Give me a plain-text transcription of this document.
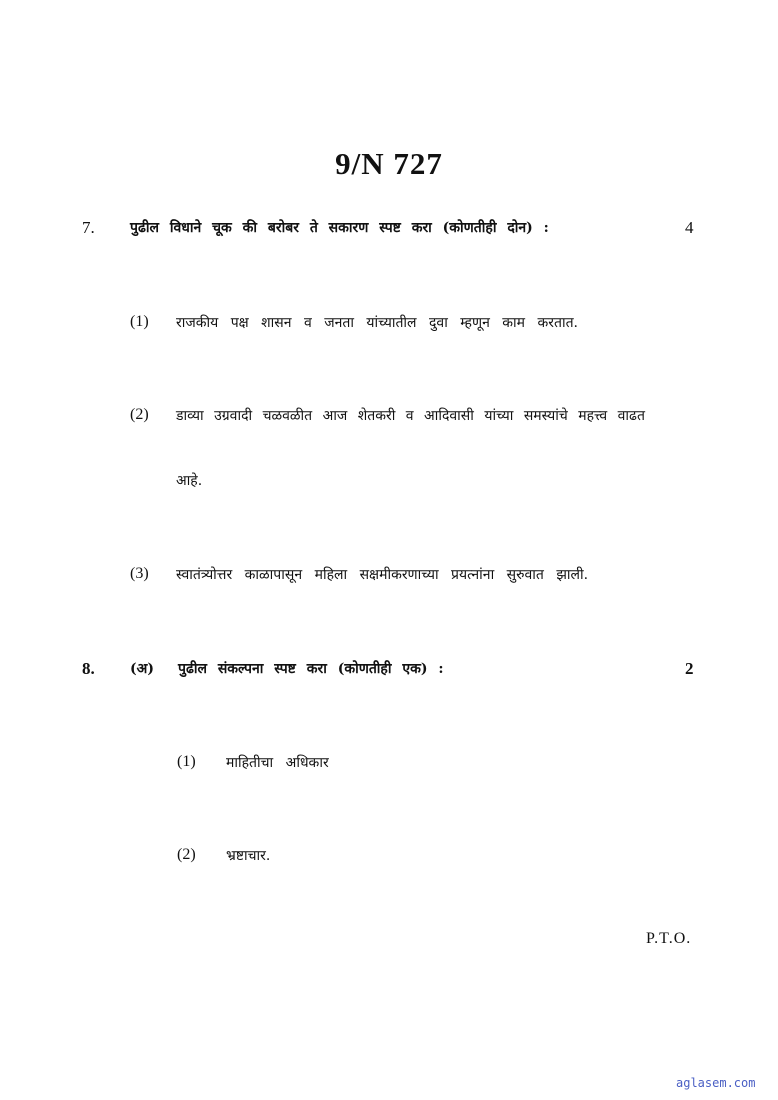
9/N 727
7.	पुढील विधाने चूक की बरोबर ते सकारण स्पष्ट करा (कोणतीही दोन) :	4
(1) राजकीय पक्ष शासन व जनता यांच्यातील दुवा म्हणून काम करतात.
(2) डाव्या उग्रवादी चळवळीत आज शेतकरी व आदिवासी यांच्या समस्यांचे महत्त्व वाढत
आहे.
(3) स्वातंत्र्योत्तर काळापासून महिला सक्षमीकरणाच्या प्रयत्नांना सुरुवात झाली.
8.	(अ) पुढील संकल्पना स्पष्ट करा (कोणतीही एक) :	2
(1) माहितीचा अधिकार
(2) भ्रष्टाचार.
P.T.O.
aglasem.com
